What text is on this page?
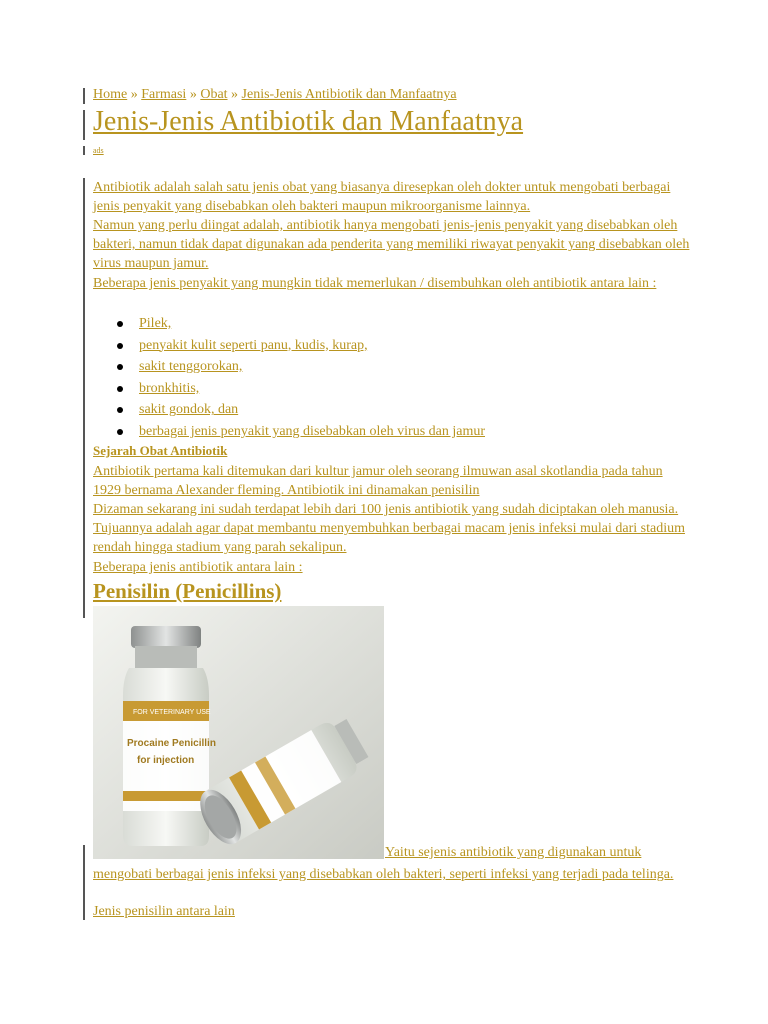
Home » Farmasi » Obat » Jenis-Jenis Antibiotik dan Manfaatnya
Jenis-Jenis Antibiotik dan Manfaatnya
ads
Antibiotik adalah salah satu jenis obat yang biasanya diresepkan oleh dokter untuk mengobati berbagai jenis penyakit yang disebabkan oleh bakteri maupun mikroorganisme lainnya.
Namun yang perlu diingat adalah, antibiotik hanya mengobati jenis-jenis penyakit yang disebabkan oleh bakteri, namun tidak dapat digunakan ada penderita yang memiliki riwayat penyakit yang disebabkan oleh virus maupun jamur.
Beberapa jenis penyakit yang mungkin tidak memerlukan / disembuhkan oleh antibiotik antara lain :
Pilek,
penyakit kulit seperti panu, kudis, kurap,
sakit tenggorokan,
bronkhitis,
sakit gondok, dan
berbagai jenis penyakit yang disebabkan oleh virus dan jamur
Sejarah Obat Antibiotik
Antibiotik pertama kali ditemukan dari kultur jamur oleh seorang ilmuwan asal skotlandia pada tahun 1929 bernama Alexander fleming. Antibiotik ini dinamakan penisilin
Dizaman sekarang ini sudah terdapat lebih dari 100 jenis antibiotik yang sudah diciptakan oleh manusia. Tujuannya adalah agar dapat membantu menyembuhkan berbagai macam jenis infeksi mulai dari stadium rendah hingga stadium yang parah sekalipun.
Beberapa jenis antibiotik antara lain :
Penisilin (Penicillins)
FOR VETERINARY USE
Procaine Penicillin
for injection
Yaitu sejenis antibiotik yang digunakan untuk
mengobati berbagai jenis infeksi yang disebabkan oleh bakteri, seperti infeksi yang terjadi pada telinga.
Jenis penisilin antara lain
